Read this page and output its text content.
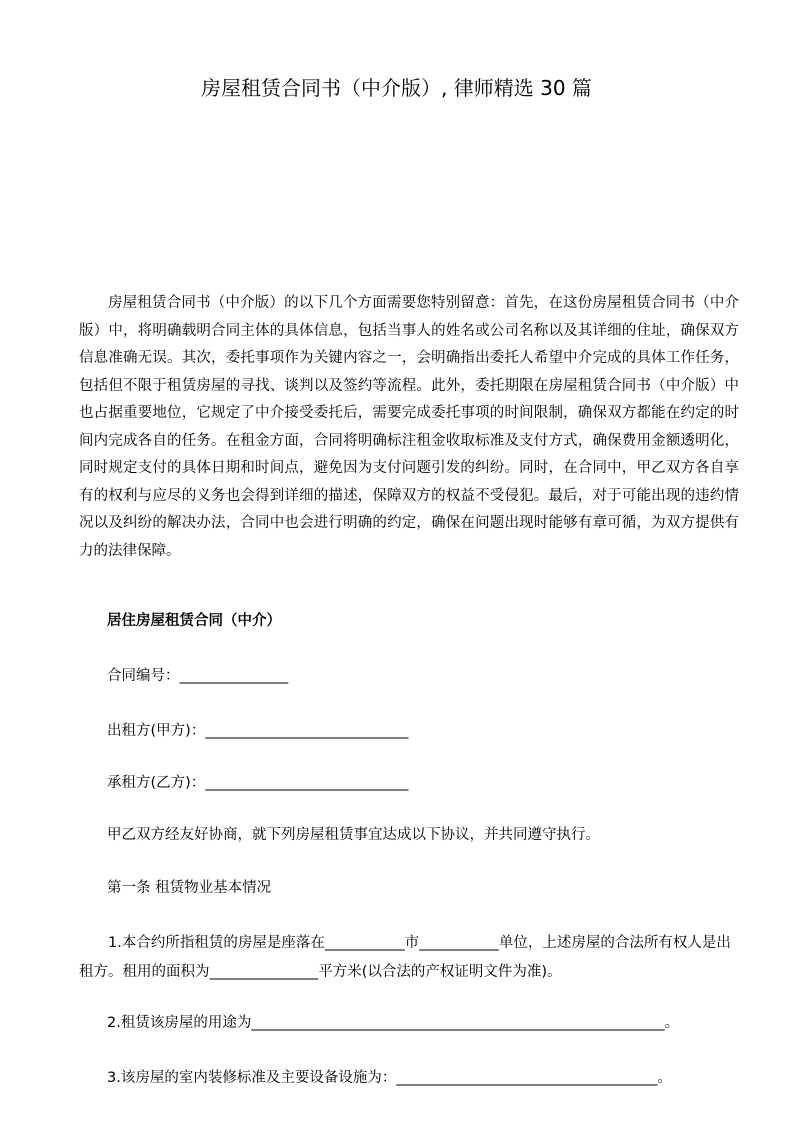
房屋租赁合同书（中介版）, 律师精选 30 篇
房屋租赁合同书（中介版）的以下几个方面需要您特别留意：首先，在这份房屋租赁合同书（中介版）中，将明确载明合同主体的具体信息，包括当事人的姓名或公司名称以及其详细的住址，确保双方信息准确无误。其次，委托事项作为关键内容之一，会明确指出委托人希望中介完成的具体工作任务，包括但不限于租赁房屋的寻找、谈判以及签约等流程。此外，委托期限在房屋租赁合同书（中介版）中也占据重要地位，它规定了中介接受委托后，需要完成委托事项的时间限制，确保双方都能在约定的时间内完成各自的任务。在租金方面，合同将明确标注租金收取标准及支付方式，确保费用金额透明化，同时规定支付的具体日期和时间点，避免因为支付问题引发的纠纷。同时，在合同中，甲乙双方各自享有的权利与应尽的义务也会得到详细的描述，保障双方的权益不受侵犯。最后，对于可能出现的违约情况以及纠纷的解决办法，合同中也会进行明确的约定，确保在问题出现时能够有章可循，为双方提供有力的法律保障。
居住房屋租赁合同（中介）
合同编号：_______________
出租方(甲方)：____________________________
承租方(乙方)：____________________________
甲乙双方经友好协商，就下列房屋租赁事宜达成以下协议，并共同遵守执行。
第一条 租赁物业基本情况
1.本合约所指租赁的房屋是座落在___________市___________单位，上述房屋的合法所有权人是出租方。租用的面积为_______________平方米(以合法的产权证明文件为准)。
2.租赁该房屋的用途为_________________________________________________________。
3.该房屋的室内装修标准及主要设备设施为：____________________________________。
